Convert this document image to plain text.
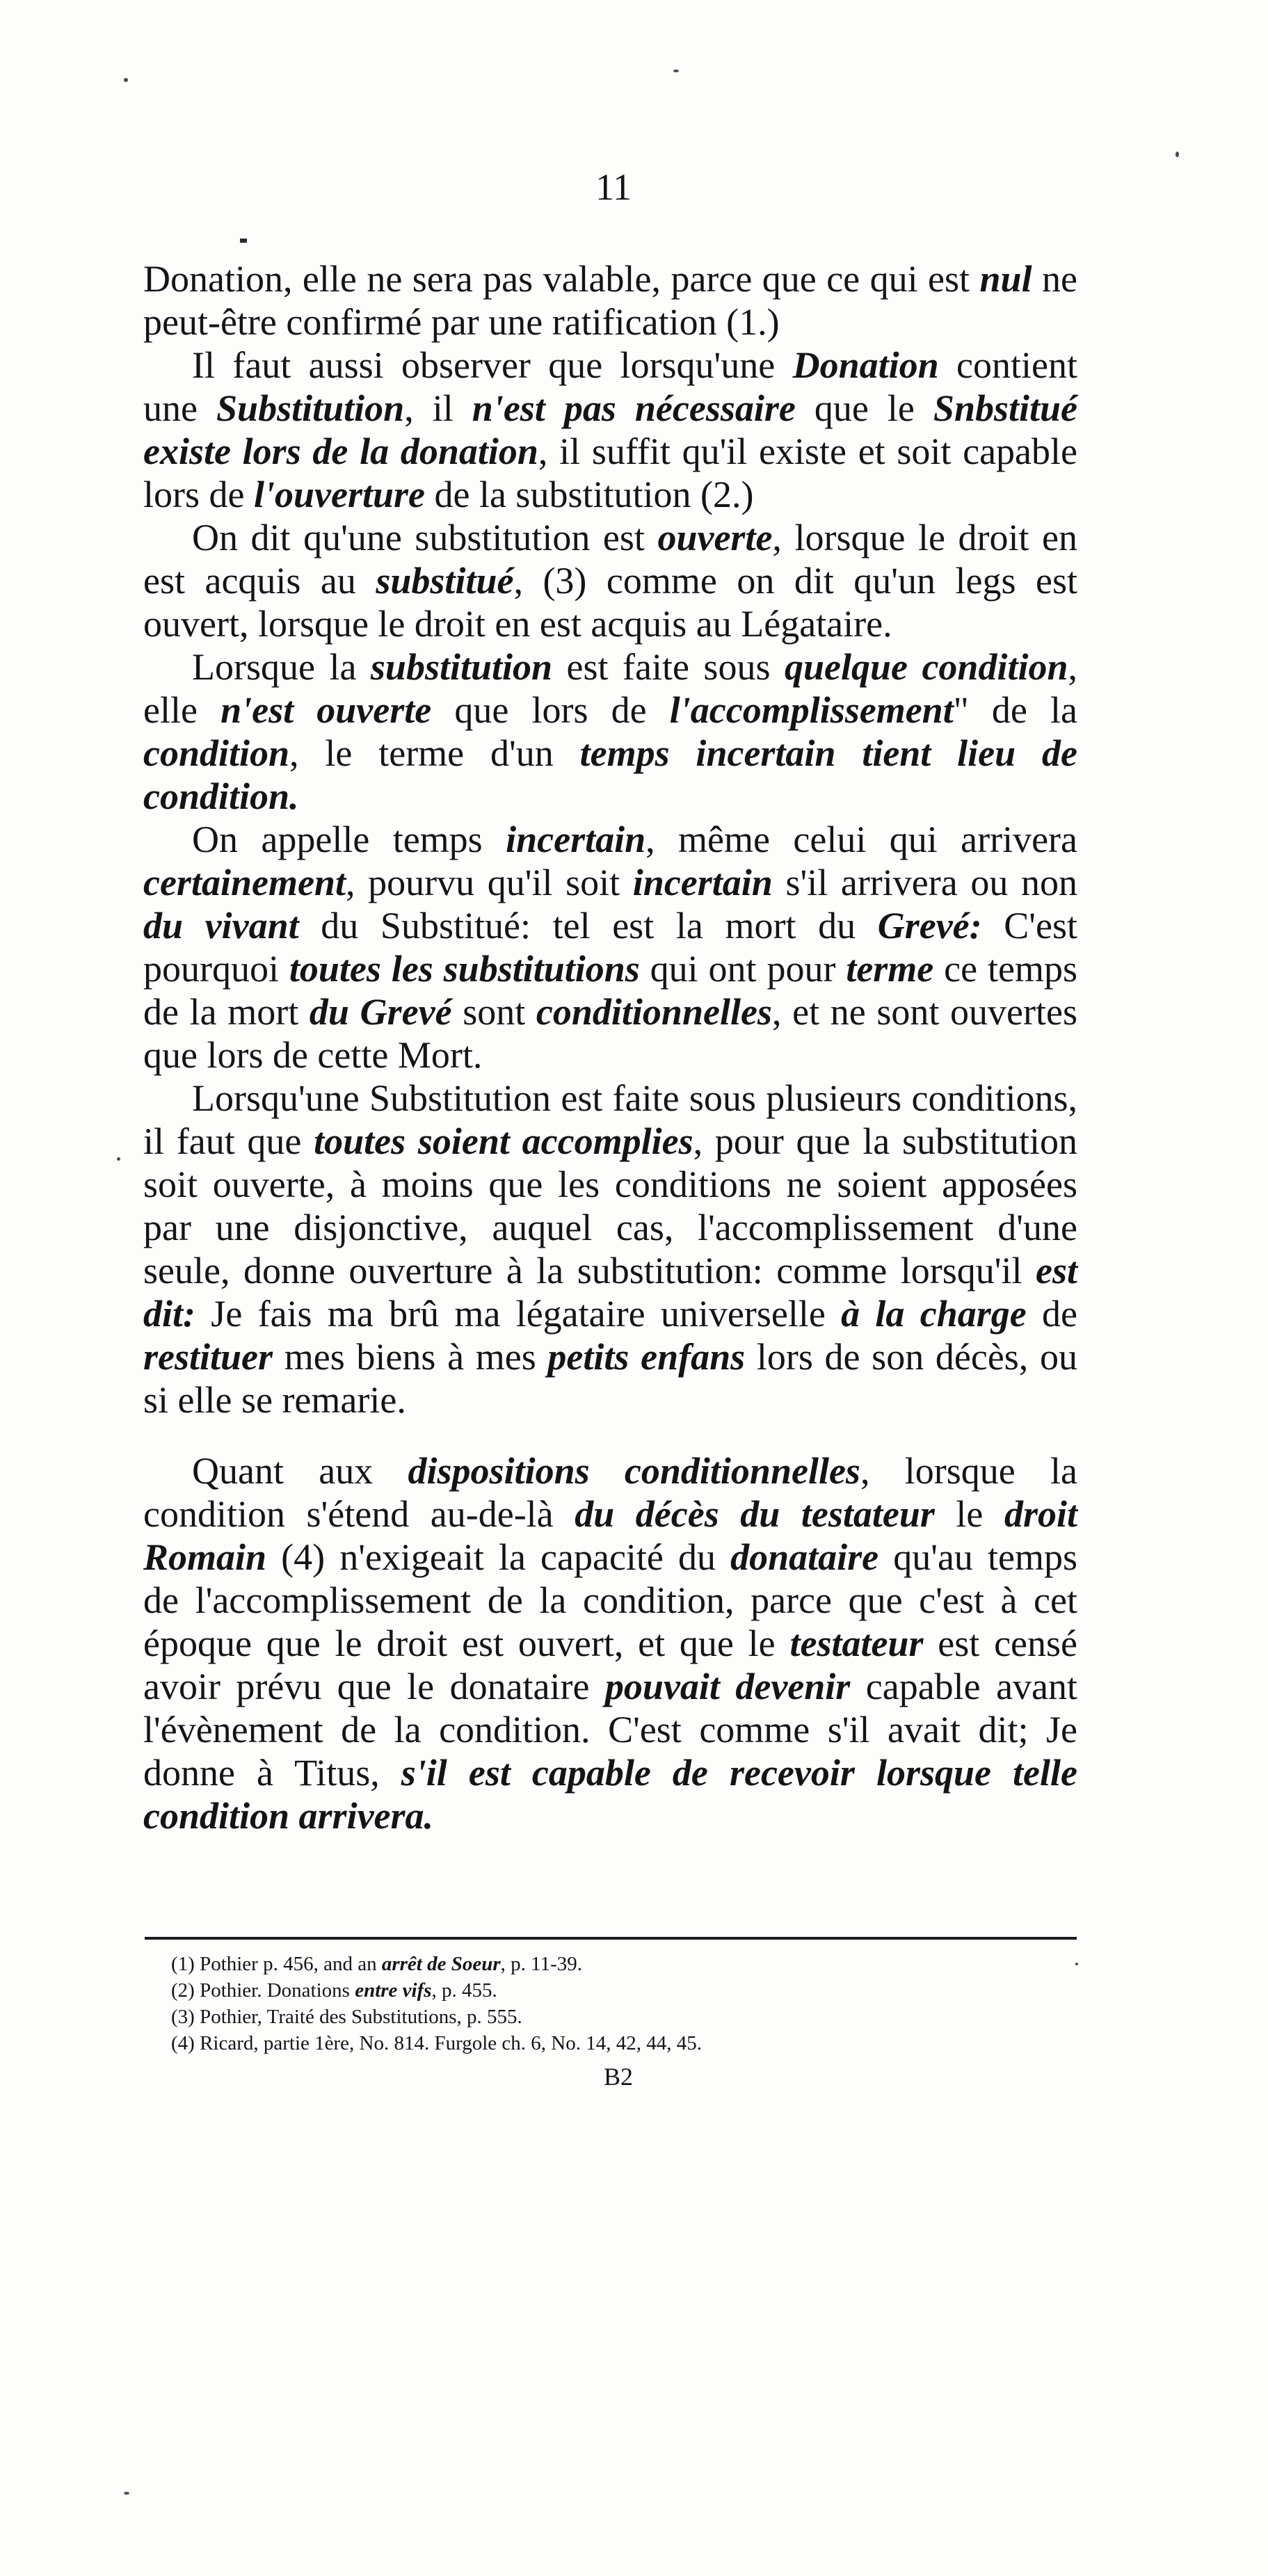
11

Donation, elle ne sera pas valable, parce que ce qui est nul ne peut-être confirmé par une ratification (1.)

Il faut aussi observer que lorsqu'une Donation contient une Substitution, il n'est pas nécessaire que le Snbstitué existe lors de la donation, il suffit qu'il existe et soit capable lors de l'ouverture de la substitution (2.)

On dit qu'une substitution est ouverte, lorsque le droit en est acquis au substitué, (3) comme on dit qu'un legs est ouvert, lorsque le droit en est acquis au Légataire.

Lorsque la substitution est faite sous quelque condition, elle n'est ouverte que lors de l'accomplissement" de la condition, le terme d'un temps incertain tient lieu de condition.

On appelle temps incertain, même celui qui arrivera certainement, pourvu qu'il soit incertain s'il arrivera ou non du vivant du Substitué: tel est la mort du Grevé: C'est pourquoi toutes les substitutions qui ont pour terme ce temps de la mort du Grevé sont conditionnelles, et ne sont ouvertes que lors de cette Mort.

Lorsqu'une Substitution est faite sous plusieurs conditions, il faut que toutes soient accomplies, pour que la substitution soit ouverte, à moins que les conditions ne soient apposées par une disjonctive, auquel cas, l'accomplissement d'une seule, donne ouverture à la substitution: comme lorsqu'il est dit: Je fais ma brû ma légataire universelle à la charge de restituer mes biens à mes petits enfans lors de son décès, ou si elle se remarie.

Quant aux dispositions conditionnelles, lorsque la condition s'étend au-de-là du décès du testateur le droit Romain (4) n'exigeait la capacité du donataire qu'au temps de l'accomplissement de la condition, parce que c'est à cet époque que le droit est ouvert, et que le testateur est censé avoir prévu que le donataire pouvait devenir capable avant l'évènement de la condition. C'est comme s'il avait dit; Je donne à Titus, s'il est capable de recevoir lorsque telle condition arrivera.

(1) Pothier p. 456, and an arrêt de Soeur, p. 11-39.

(2) Pothier. Donations entre vifs, p. 455.

(3) Pothier, Traité des Substitutions, p. 555.

(4) Ricard, partie 1ère, No. 814. Furgole ch. 6, No. 14, 42, 44, 45.

B2
